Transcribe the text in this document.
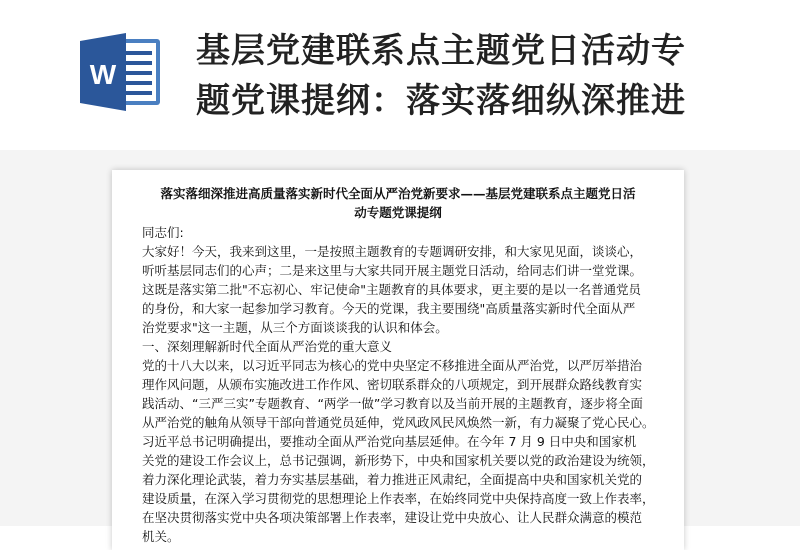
W
基层党建联系点主题党日活动专
题党课提纲：落实落细纵深推进
落实落细深推进高质量落实新时代全面从严治党新要求——基层党建联系点主题党日活
动专题党课提纲

同志们:

大家好！今天，我来到这里，一是按照主题教育的专题调研安排，和大家见见面，谈谈心，

听听基层同志们的心声；二是来这里与大家共同开展主题党日活动，给同志们讲一堂党课。

这既是落实第二批"不忘初心、牢记使命"主题教育的具体要求，更主要的是以一名普通党员

的身份，和大家一起参加学习教育。今天的党课，我主要围绕"高质量落实新时代全面从严

治党要求"这一主题，从三个方面谈谈我的认识和体会。

一、深刻理解新时代全面从严治党的重大意义

党的十八大以来，以习近平同志为核心的党中央坚定不移推进全面从严治党，以严厉举措治

理作风问题，从颁布实施改进工作作风、密切联系群众的八项规定，到开展群众路线教育实

践活动、“三严三实”专题教育、“两学一做”学习教育以及当前开展的主题教育，逐步将全面

从严治党的触角从领导干部向普通党员延伸，党风政风民风焕然一新，有力凝聚了党心民心。

习近平总书记明确提出，要推动全面从严治党向基层延伸。在今年 7 月 9 日中央和国家机

关党的建设工作会议上，总书记强调，新形势下，中央和国家机关要以党的政治建设为统领，

着力深化理论武装，着力夯实基层基础，着力推进正风肃纪，全面提高中央和国家机关党的

建设质量，在深入学习贯彻党的思想理论上作表率，在始终同党中央保持高度一致上作表率，

在坚决贯彻落实党中央各项决策部署上作表率，建设让党中央放心、让人民群众满意的模范

机关。
